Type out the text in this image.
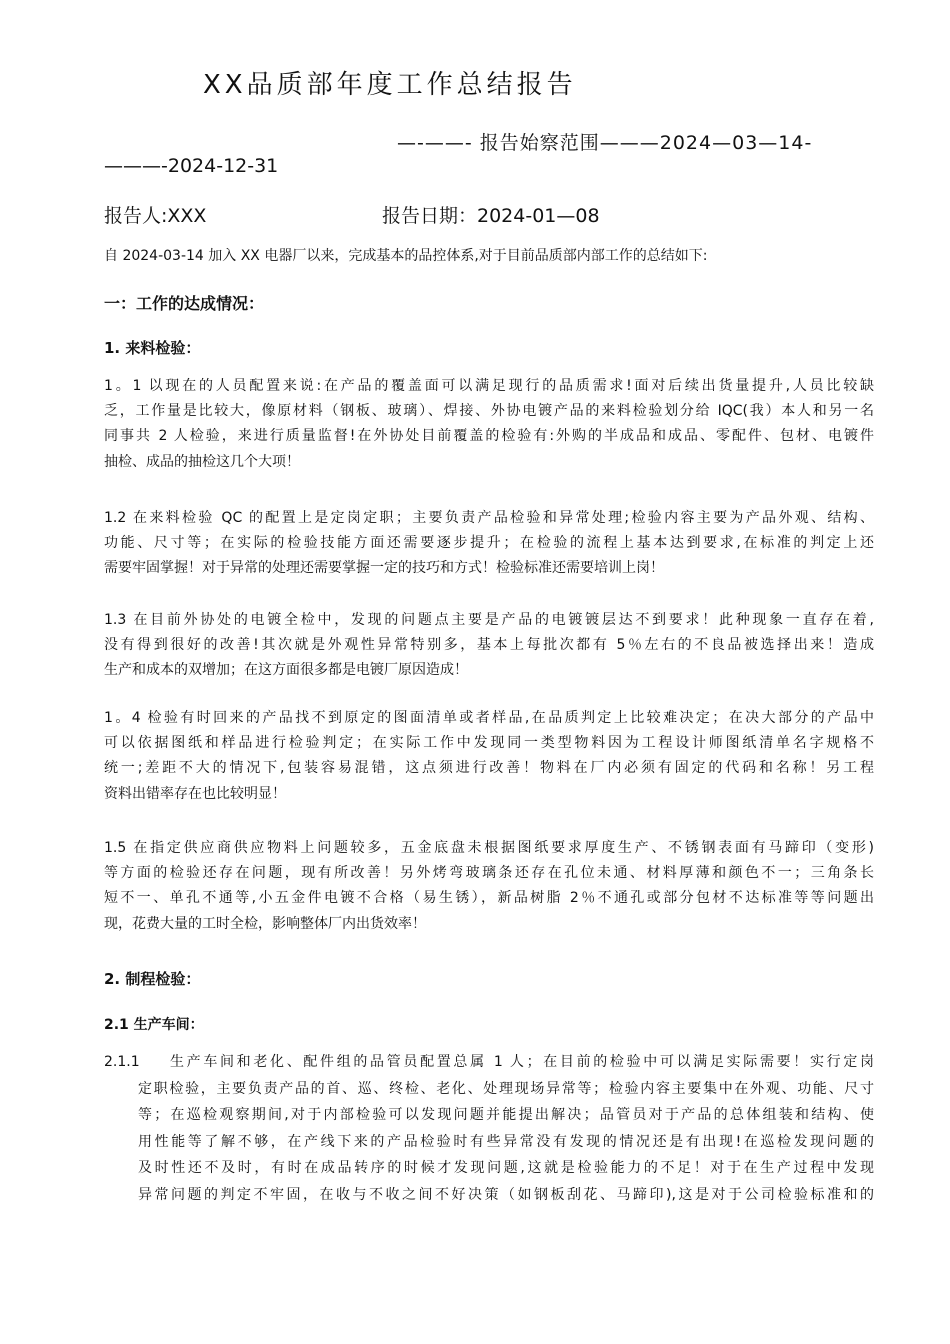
XX品质部年度工作总结报告
—-——- 报告始察范围———2024—03—14-
———-2024-12-31
报告人:XXX	报告日期：2024-01—08
自 2024-03-14 加入 XX 电器厂以来，完成基本的品控体系,对于目前品质部内部工作的总结如下:
一：工作的达成情况：
1. 来料检验：
1。1 以现在的人员配置来说:在产品的覆盖面可以满足现行的品质需求!面对后续出货量提升,人员比较缺
乏，工作量是比较大，像原材料（钢板、玻璃）、焊接、外协电镀产品的来料检验划分给 IQC(我）本人和另一名
同事共 2 人检验，来进行质量监督!在外协处目前覆盖的检验有:外购的半成品和成品、零配件、包材、电镀件
抽检、成品的抽检这几个大项！
1.2 在来料检验 QC 的配置上是定岗定职；主要负责产品检验和异常处理;检验内容主要为产品外观、结构、
功能、尺寸等；在实际的检验技能方面还需要逐步提升；在检验的流程上基本达到要求,在标准的判定上还
需要牢固掌握！对于异常的处理还需要掌握一定的技巧和方式！检验标准还需要培训上岗！
1.3 在目前外协处的电镀全检中，发现的问题点主要是产品的电镀镀层达不到要求！此种现象一直存在着,
没有得到很好的改善!其次就是外观性异常特别多，基本上每批次都有 5％左右的不良品被选择出来！造成
生产和成本的双增加；在这方面很多都是电镀厂原因造成！
1。4 检验有时回来的产品找不到原定的图面清单或者样品,在品质判定上比较难决定；在决大部分的产品中
可以依据图纸和样品进行检验判定；在实际工作中发现同一类型物料因为工程设计师图纸清单名字规格不
统一;差距不大的情况下,包装容易混错，这点须进行改善！物料在厂内必须有固定的代码和名称！另工程
资料出错率存在也比较明显！
1.5 在指定供应商供应物料上问题较多，五金底盘未根据图纸要求厚度生产、不锈钢表面有马蹄印（变形)
等方面的检验还存在问题，现有所改善！另外烤弯玻璃条还存在孔位未通、材料厚薄和颜色不一；三角条长
短不一、单孔不通等,小五金件电镀不合格（易生锈），新品树脂 2％不通孔或部分包材不达标准等等问题出
现，花费大量的工时全检，影响整体厂内出货效率！
2. 制程检验：
2.1 生产车间：
2.1.1 生产车间和老化、配件组的品管员配置总属 1 人；在目前的检验中可以满足实际需要！实行定岗
定职检验，主要负责产品的首、巡、终检、老化、处理现场异常等；检验内容主要集中在外观、功能、尺寸
等；在巡检观察期间,对于内部检验可以发现问题并能提出解决；品管员对于产品的总体组装和结构、使
用性能等了解不够，在产线下来的产品检验时有些异常没有发现的情况还是有出现!在巡检发现问题的
及时性还不及时，有时在成品转序的时候才发现问题,这就是检验能力的不足！对于在生产过程中发现
异常问题的判定不牢固，在收与不收之间不好决策（如钢板刮花、马蹄印),这是对于公司检验标准和的
